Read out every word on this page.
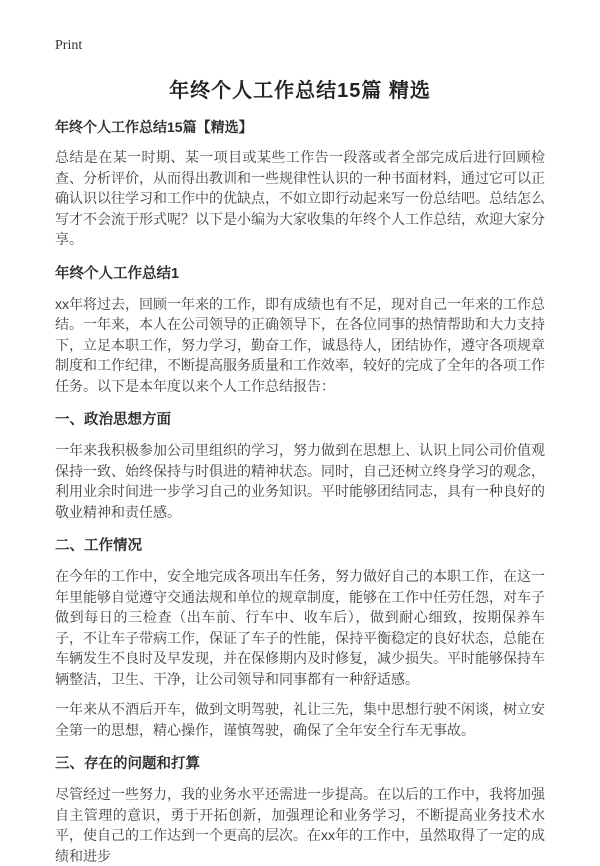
Print
年终个人工作总结15篇 精选
年终个人工作总结15篇【精选】

总结是在某一时期、某一项目或某些工作告一段落或者全部完成后进行回顾检查、分析评价，从而得出教训和一些规律性认识的一种书面材料，通过它可以正确认识以往学习和工作中的优缺点，不如立即行动起来写一份总结吧。总结怎么写才不会流于形式呢？以下是小编为大家收集的年终个人工作总结，欢迎大家分享。

年终个人工作总结1

xx年将过去，回顾一年来的工作，即有成绩也有不足，现对自己一年来的工作总结。一年来，本人在公司领导的正确领导下，在各位同事的热情帮助和大力支持下，立足本职工作，努力学习，勤奋工作，诚恳待人，团结协作，遵守各项规章制度和工作纪律，不断提高服务质量和工作效率，较好的完成了全年的各项工作任务。以下是本年度以来个人工作总结报告：

一、政治思想方面

一年来我积极参加公司里组织的学习，努力做到在思想上、认识上同公司价值观保持一致、始终保持与时俱进的精神状态。同时，自己还树立终身学习的观念，利用业余时间进一步学习自己的业务知识。平时能够团结同志，具有一种良好的敬业精神和责任感。

二、工作情况

在今年的工作中，安全地完成各项出车任务，努力做好自己的本职工作，在这一年里能够自觉遵守交通法规和单位的规章制度，能够在工作中任劳任怨，对车子做到每日的三检查（出车前、行车中、收车后），做到耐心细致，按期保养车子，不让车子带病工作，保证了车子的性能，保持平衡稳定的良好状态，总能在车辆发生不良时及早发现，并在保修期内及时修复，减少损失。平时能够保持车辆整洁，卫生、干净，让公司领导和同事都有一种舒适感。

一年来从不酒后开车，做到文明驾驶，礼让三先，集中思想行驶不闲谈，树立安全第一的思想，精心操作，谨慎驾驶，确保了全年安全行车无事故。

三、存在的问题和打算

尽管经过一些努力，我的业务水平还需进一步提高。在以后的工作中，我将加强自主管理的意识，勇于开拓创新，加强理论和业务学习，不断提高业务技术水平，使自己的工作达到一个更高的层次。在xx年的工作中，虽然取得了一定的成绩和进步
